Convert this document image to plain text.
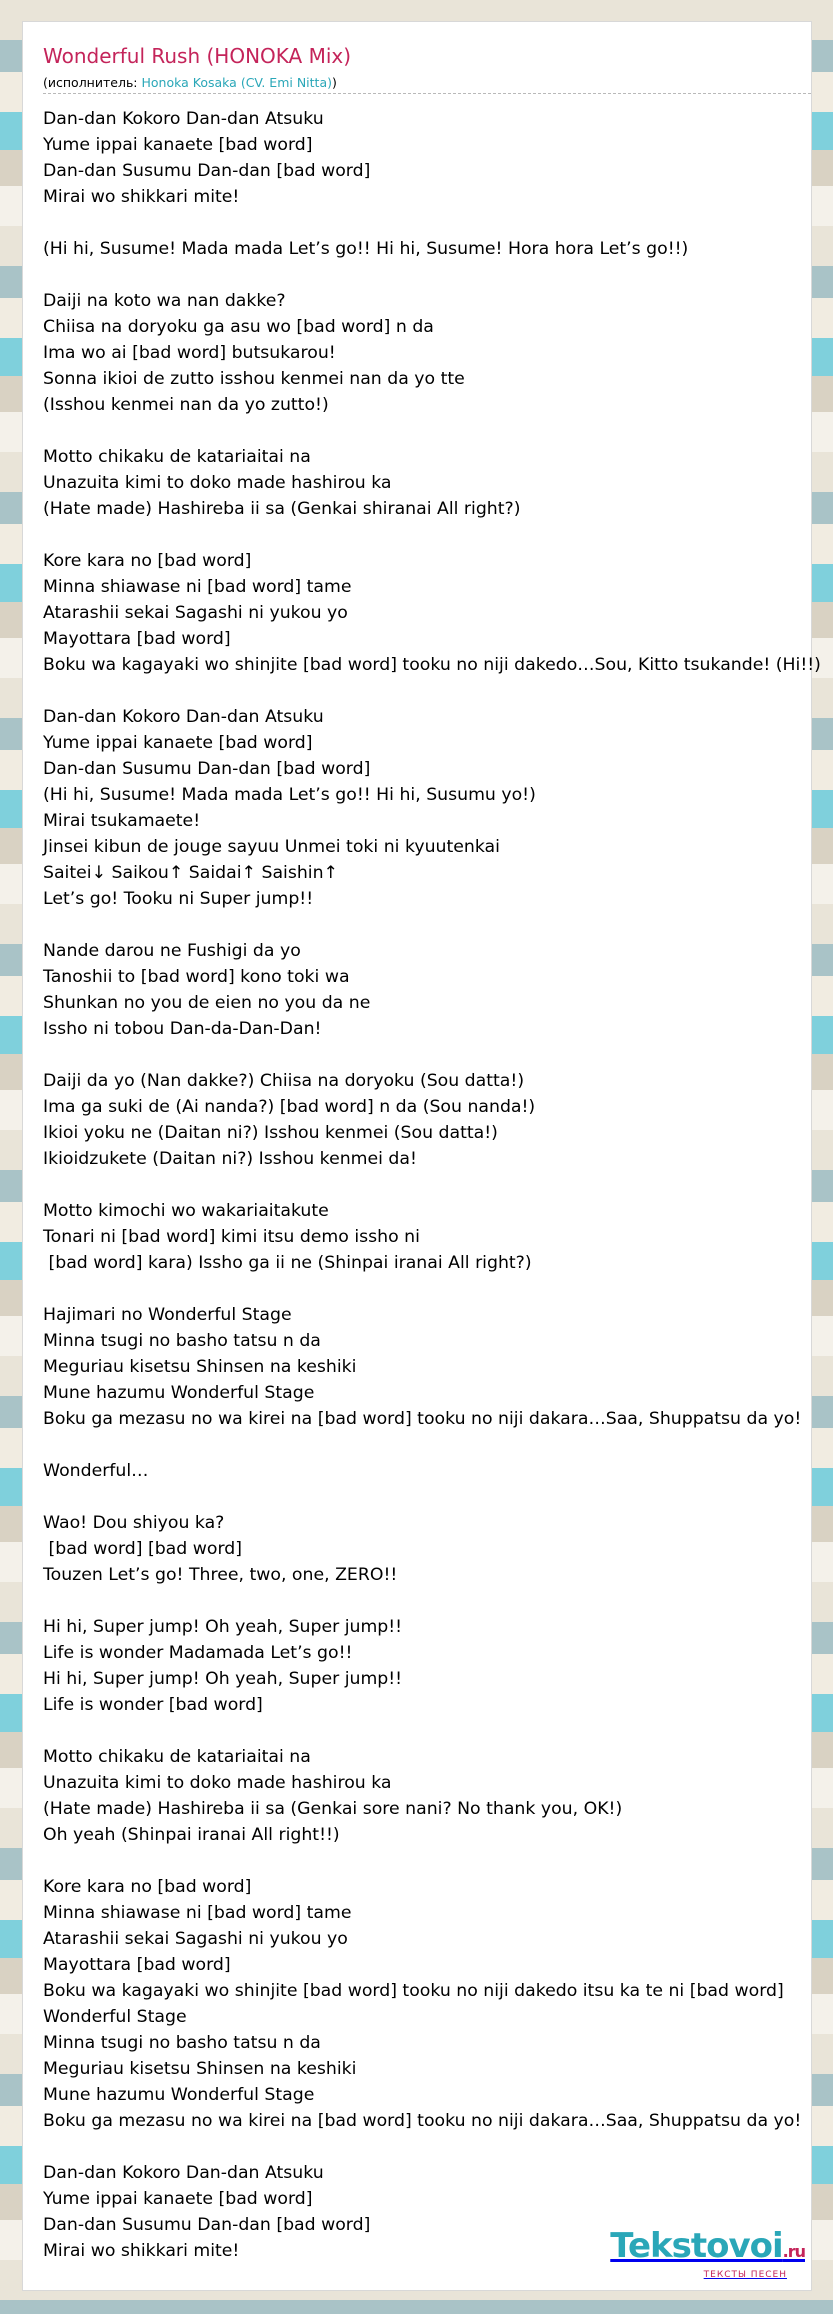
Wonderful Rush (HONOKA Mix)
(исполнитель: Honoka Kosaka (CV. Emi Nitta))
Dan-dan Kokoro Dan-dan Atsuku
Yume ippai kanaete [bad word]
Dan-dan Susumu Dan-dan [bad word]
Mirai wo shikkari mite!
(Hi hi, Susume! Mada mada Let’s go!! Hi hi, Susume! Hora hora Let’s go!!)
Daiji na koto wa nan dakke?
Chiisa na doryoku ga asu wo [bad word] n da
Ima wo ai [bad word] butsukarou!
Sonna ikioi de zutto isshou kenmei nan da yo tte
(Isshou kenmei nan da yo zutto!)
Motto chikaku de katariaitai na
Unazuita kimi to doko made hashirou ka
(Hate made) Hashireba ii sa (Genkai shiranai All right?)
Kore kara no [bad word]
Minna shiawase ni [bad word] tame
Atarashii sekai Sagashi ni yukou yo
Mayottara [bad word]
Boku wa kagayaki wo shinjite [bad word] tooku no niji dakedo…Sou, Kitto tsukande! (Hi!!)
Dan-dan Kokoro Dan-dan Atsuku
Yume ippai kanaete [bad word]
Dan-dan Susumu Dan-dan [bad word]
(Hi hi, Susume! Mada mada Let’s go!! Hi hi, Susumu yo!)
Mirai tsukamaete!
Jinsei kibun de jouge sayuu Unmei toki ni kyuutenkai
Saitei↓ Saikou↑ Saidai↑ Saishin↑
Let’s go! Tooku ni Super jump!!
Nande darou ne Fushigi da yo
Tanoshii to [bad word] kono toki wa
Shunkan no you de eien no you da ne
Issho ni tobou Dan-da-Dan-Dan!
Daiji da yo (Nan dakke?) Chiisa na doryoku (Sou datta!)
Ima ga suki de (Ai nanda?) [bad word] n da (Sou nanda!)
Ikioi yoku ne (Daitan ni?) Isshou kenmei (Sou datta!)
Ikioidzukete (Daitan ni?) Isshou kenmei da!
Motto kimochi wo wakariaitakute
Tonari ni [bad word] kimi itsu demo issho ni
[bad word] kara) Issho ga ii ne (Shinpai iranai All right?)
Hajimari no Wonderful Stage
Minna tsugi no basho tatsu n da
Meguriau kisetsu Shinsen na keshiki
Mune hazumu Wonderful Stage
Boku ga mezasu no wa kirei na [bad word] tooku no niji dakara…Saa, Shuppatsu da yo!
Wonderful…
Wao! Dou shiyou ka?
[bad word] [bad word]
Touzen Let’s go! Three, two, one, ZERO!!
Hi hi, Super jump! Oh yeah, Super jump!!
Life is wonder Madamada Let’s go!!
Hi hi, Super jump! Oh yeah, Super jump!!
Life is wonder [bad word]
Motto chikaku de katariaitai na
Unazuita kimi to doko made hashirou ka
(Hate made) Hashireba ii sa (Genkai sore nani? No thank you, OK!)
Oh yeah (Shinpai iranai All right!!)
Kore kara no [bad word]
Minna shiawase ni [bad word] tame
Atarashii sekai Sagashi ni yukou yo
Mayottara [bad word]
Boku wa kagayaki wo shinjite [bad word] tooku no niji dakedo itsu ka te ni [bad word]
Wonderful Stage
Minna tsugi no basho tatsu n da
Meguriau kisetsu Shinsen na keshiki
Mune hazumu Wonderful Stage
Boku ga mezasu no wa kirei na [bad word] tooku no niji dakara…Saa, Shuppatsu da yo!
Dan-dan Kokoro Dan-dan Atsuku
Yume ippai kanaete [bad word]
Dan-dan Susumu Dan-dan [bad word]
Mirai wo shikkari mite!	Tekstovoi.ru
ТЕКСТЫ ПЕСЕН
